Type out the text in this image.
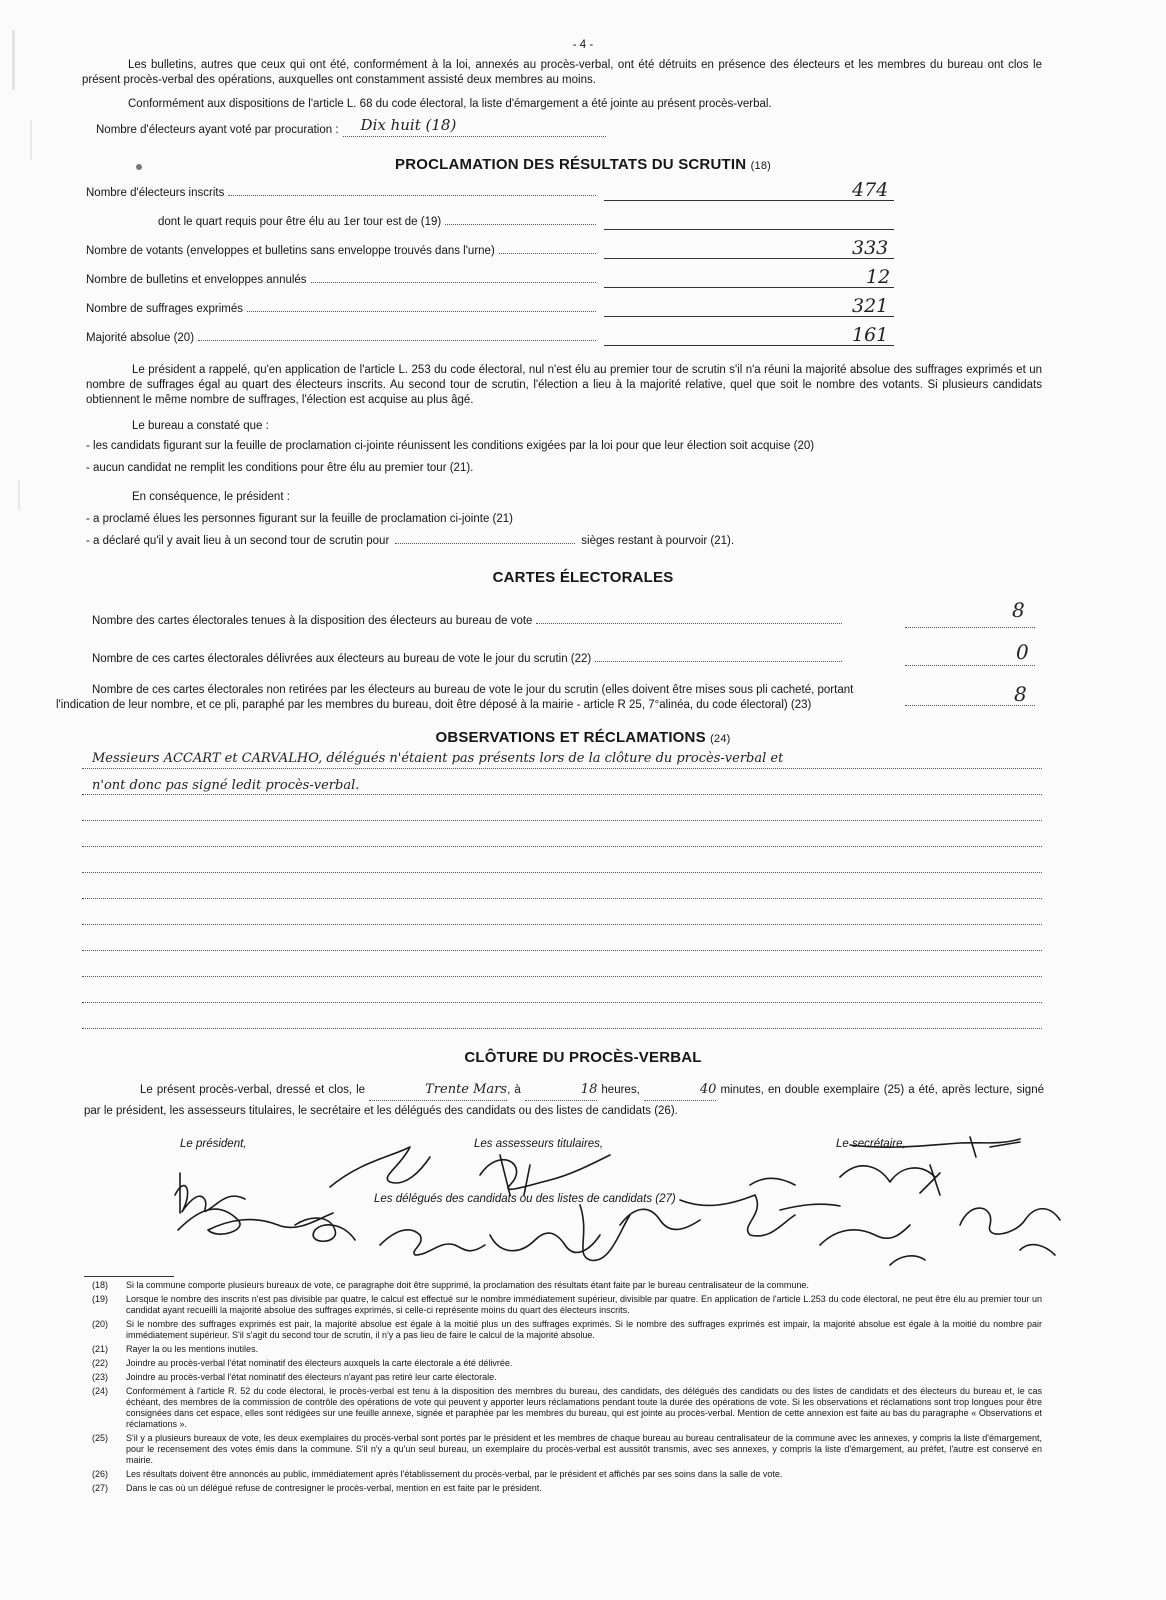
- 4 -

Les bulletins, autres que ceux qui ont été, conformément à la loi, annexés au procès-verbal, ont été détruits en présence des électeurs et les membres du bureau ont clos le présent procès-verbal des opérations, auxquelles ont constamment assisté deux membres au moins.

Conformément aux dispositions de l'article L. 68 du code électoral, la liste d'émargement a été jointe au présent procès-verbal.

Nombre d'électeurs ayant voté par procuration :	Dix huit (18)
PROCLAMATION DES RÉSULTATS DU SCRUTIN (18)
Nombre d'électeurs inscrits	474
dont le quart requis pour être élu au 1er tour est de (19)
Nombre de votants (enveloppes et bulletins sans enveloppe trouvés dans l'urne)	333
Nombre de bulletins et enveloppes annulés	12
Nombre de suffrages exprimés	321
Majorité absolue (20)	161

Le président a rappelé, qu'en application de l'article L. 253 du code électoral, nul n'est élu au premier tour de scrutin s'il n'a réuni la majorité absolue des suffrages exprimés et un nombre de suffrages égal au quart des électeurs inscrits. Au second tour de scrutin, l'élection a lieu à la majorité relative, quel que soit le nombre des votants. Si plusieurs candidats obtiennent le même nombre de suffrages, l'élection est acquise au plus âgé.

Le bureau a constaté que :
- les candidats figurant sur la feuille de proclamation ci-jointe réunissent les conditions exigées par la loi pour que leur élection soit acquise (20)
- aucun candidat ne remplit les conditions pour être élu au premier tour (21).
En conséquence, le président :
- a proclamé élues les personnes figurant sur la feuille de proclamation ci-jointe (21)
- a déclaré qu'il y avait lieu à un second tour de scrutin pour	sièges restant à pourvoir (21).
CARTES ÉLECTORALES
Nombre des cartes électorales tenues à la disposition des électeurs au bureau de vote	8
Nombre de ces cartes électorales délivrées aux électeurs au bureau de vote le jour du scrutin (22)	0

Nombre de ces cartes électorales non retirées par les électeurs au bureau de vote le jour du scrutin (elles doivent être mises sous pli cacheté, portant l'indication de leur nombre, et ce pli, paraphé par les membres du bureau, doit être déposé à la mairie - article R 25, 7°alinéa, du code électoral) (23)	8
OBSERVATIONS ET RÉCLAMATIONS (24)
Messieurs ACCART et CARVALHO, délégués n'étaient pas présents lors de la clôture du procès-verbal et
n'ont donc pas signé ledit procès-verbal.
CLÔTURE DU PROCÈS-VERBAL

Le présent procès-verbal, dressé et clos, le	Trente Mars, à	18 heures,	40 minutes, en double exemplaire (25) a été, après lecture, signé par le président, les assesseurs titulaires, le secrétaire et les délégués des candidats ou des listes de candidats (26).

Le président,	Les assesseurs titulaires,	Le secrétaire,
Les délégués des candidats ou des listes de candidats (27)
(18)	Si la commune comporte plusieurs bureaux de vote, ce paragraphe doit être supprimé, la proclamation des résultats étant faite par le bureau centralisateur de la commune.
(19)	Lorsque le nombre des inscrits n'est pas divisible par quatre, le calcul est effectué sur le nombre immédiatement supérieur, divisible par quatre. En application de l'article L.253 du code électoral, ne peut être élu au premier tour un candidat ayant recueilli la majorité absolue des suffrages exprimés, si celle-ci représente moins du quart des électeurs inscrits.
(20)	Si le nombre des suffrages exprimés est pair, la majorité absolue est égale à la moitié plus un des suffrages exprimés. Si le nombre des suffrages exprimés est impair, la majorité absolue est égale à la moitié du nombre pair immédiatement supérieur. S'il s'agit du second tour de scrutin, il n'y a pas lieu de faire le calcul de la majorité absolue.
(21)	Rayer la ou les mentions inutiles.
(22)	Joindre au procès-verbal l'état nominatif des électeurs auxquels la carte électorale a été délivrée.
(23)	Joindre au procès-verbal l'état nominatif des électeurs n'ayant pas retiré leur carte électorale.
(24)	Conformément à l'article R. 52 du code électoral, le procès-verbal est tenu à la disposition des membres du bureau, des candidats, des délégués des candidats ou des listes de candidats et des électeurs du bureau et, le cas échéant, des membres de la commission de contrôle des opérations de vote qui peuvent y apporter leurs réclamations pendant toute la durée des opérations de vote. Si les observations et réclamations sont trop longues pour être consignées dans cet espace, elles sont rédigées sur une feuille annexe, signée et paraphée par les membres du bureau, qui est jointe au procès-verbal. Mention de cette annexion est faite au bas du paragraphe « Observations et réclamations ».
(25)	S'il y a plusieurs bureaux de vote, les deux exemplaires du procès-verbal sont portés par le président et les membres de chaque bureau au bureau centralisateur de la commune avec les annexes, y compris la liste d'émargement, pour le recensement des votes émis dans la commune. S'il n'y a qu'un seul bureau, un exemplaire du procès-verbal est aussitôt transmis, avec ses annexes, y compris la liste d'émargement, au préfet, l'autre est conservé en mairie.
(26)	Les résultats doivent être annoncés au public, immédiatement après l'établissement du procès-verbal, par le président et affichés par ses soins dans la salle de vote.
(27)	Dans le cas où un délégué refuse de contresigner le procès-verbal, mention en est faite par le président.
